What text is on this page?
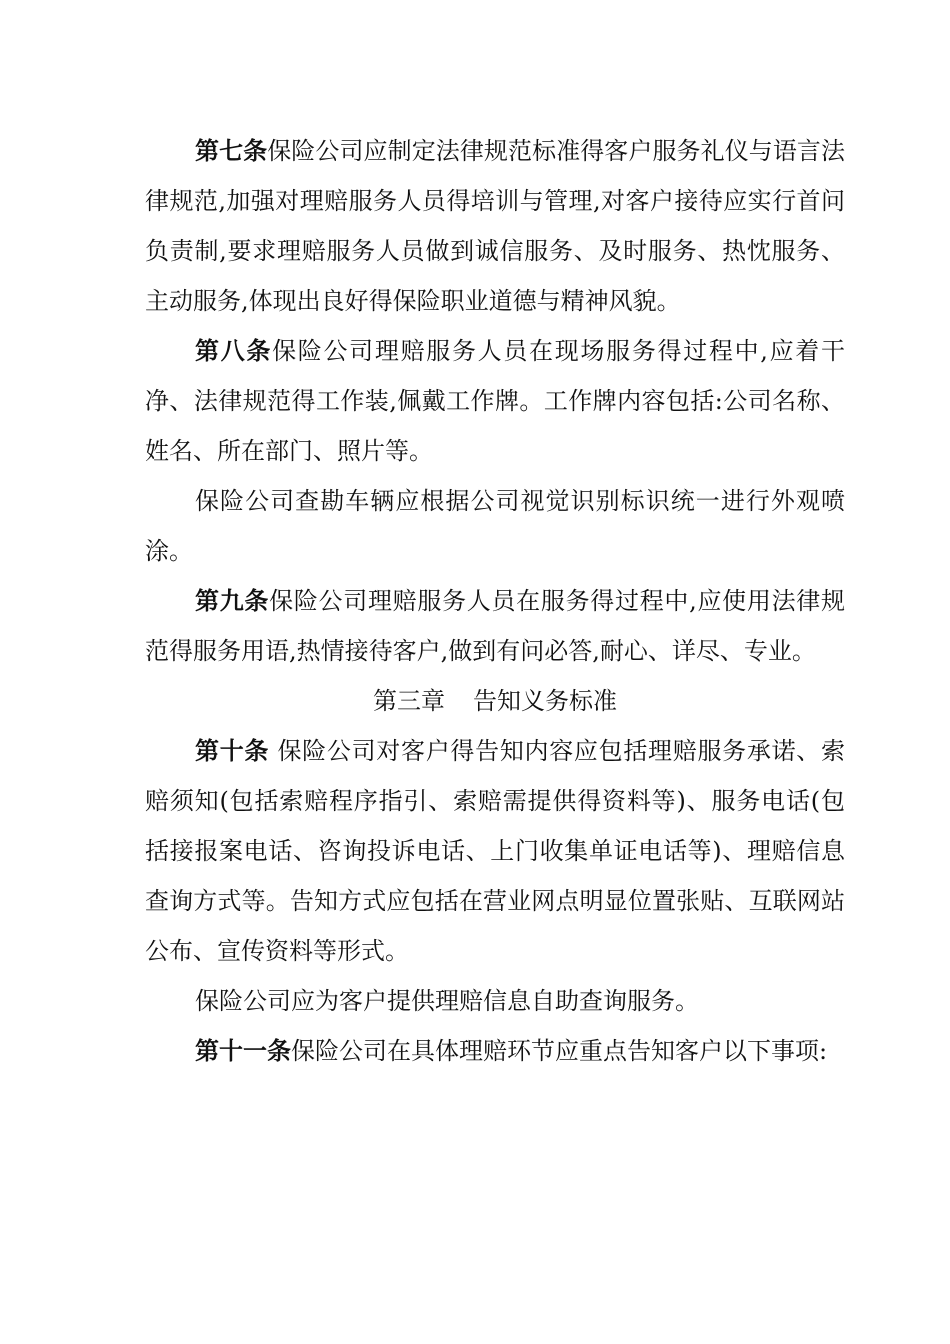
第七条保险公司应制定法律规范标准得客户服务礼仪与语言法律规范,加强对理赔服务人员得培训与管理,对客户接待应实行首问负责制,要求理赔服务人员做到诚信服务、及时服务、热忱服务、主动服务,体现出良好得保险职业道德与精神风貌。

第八条保险公司理赔服务人员在现场服务得过程中,应着干净、法律规范得工作装,佩戴工作牌。工作牌内容包括:公司名称、姓名、所在部门、照片等。

保险公司查勘车辆应根据公司视觉识别标识统一进行外观喷涂。

第九条保险公司理赔服务人员在服务得过程中,应使用法律规范得服务用语,热情接待客户,做到有问必答,耐心、详尽、专业。

第三章 告知义务标准

第十条 保险公司对客户得告知内容应包括理赔服务承诺、索赔须知(包括索赔程序指引、索赔需提供得资料等)、服务电话(包括接报案电话、咨询投诉电话、上门收集单证电话等)、理赔信息查询方式等。告知方式应包括在营业网点明显位置张贴、互联网站公布、宣传资料等形式。

保险公司应为客户提供理赔信息自助查询服务。

第十一条保险公司在具体理赔环节应重点告知客户以下事项:
